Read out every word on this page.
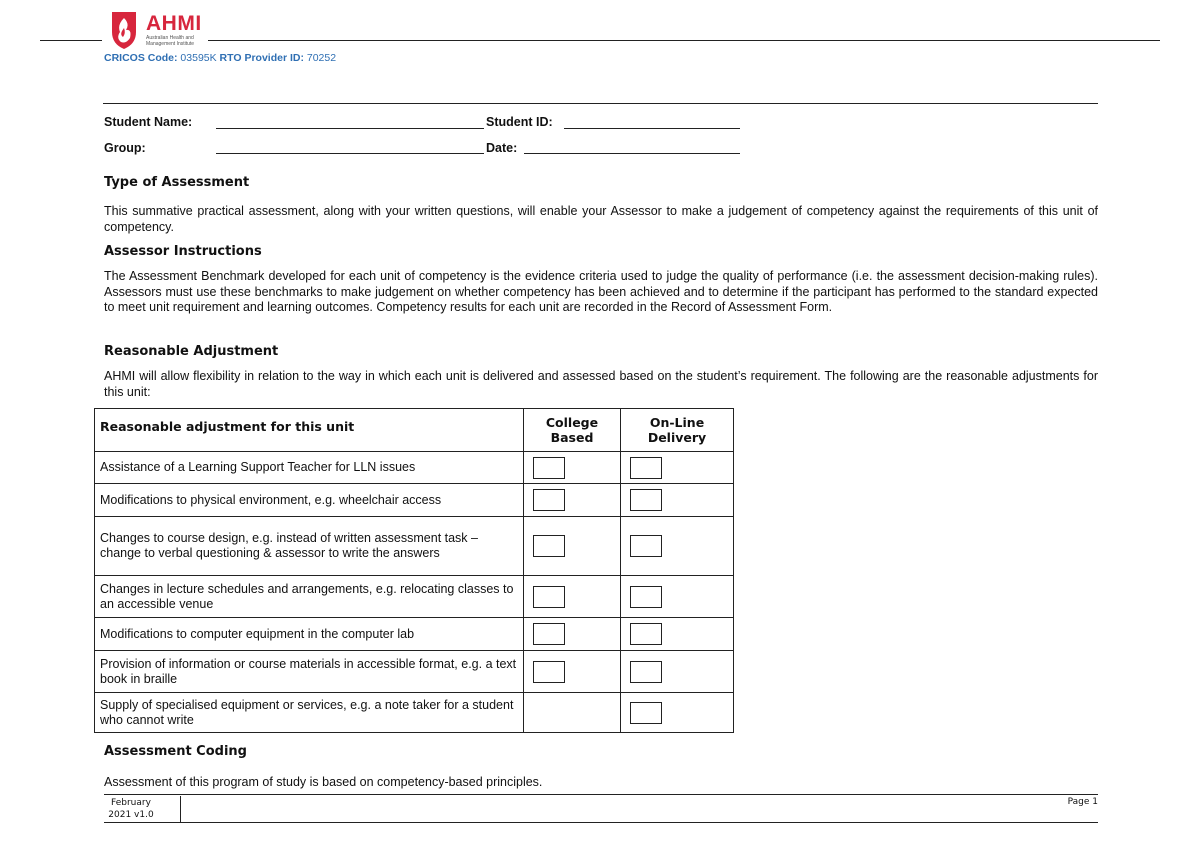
AHMI
Australian Health and Management Institute
CRICOS Code: 03595K RTO Provider ID: 70252
Student Name:	Student ID:
Group:	Date:
Type of Assessment
This summative practical assessment, along with your written questions, will enable your Assessor to make a judgement of competency against the requirements of this unit of competency.
Assessor Instructions
The Assessment Benchmark developed for each unit of competency is the evidence criteria used to judge the quality of performance (i.e. the assessment decision-making rules). Assessors must use these benchmarks to make judgement on whether competency has been achieved and to determine if the participant has performed to the standard expected to meet unit requirement and learning outcomes. Competency results for each unit are recorded in the Record of Assessment Form.
Reasonable Adjustment
AHMI will allow flexibility in relation to the way in which each unit is delivered and assessed based on the student’s requirement. The following are the reasonable adjustments for this unit:
Reasonable adjustment for this unit	College Based	On-Line Delivery
Assistance of a Learning Support Teacher for LLN issues	

Modifications to physical environment, e.g. wheelchair access	

Changes to course design, e.g. instead of written assessment task – change to verbal questioning & assessor to write the answers	

Changes in lecture schedules and arrangements, e.g. relocating classes to an accessible venue	

Modifications to computer equipment in the computer lab	

Provision of information or course materials in accessible format, e.g. a text book in braille	

Supply of specialised equipment or services, e.g. a note taker for a student who cannot write		
Assessment Coding
Assessment of this program of study is based on competency-based principles.
February 2021 v1.0
Page 1
